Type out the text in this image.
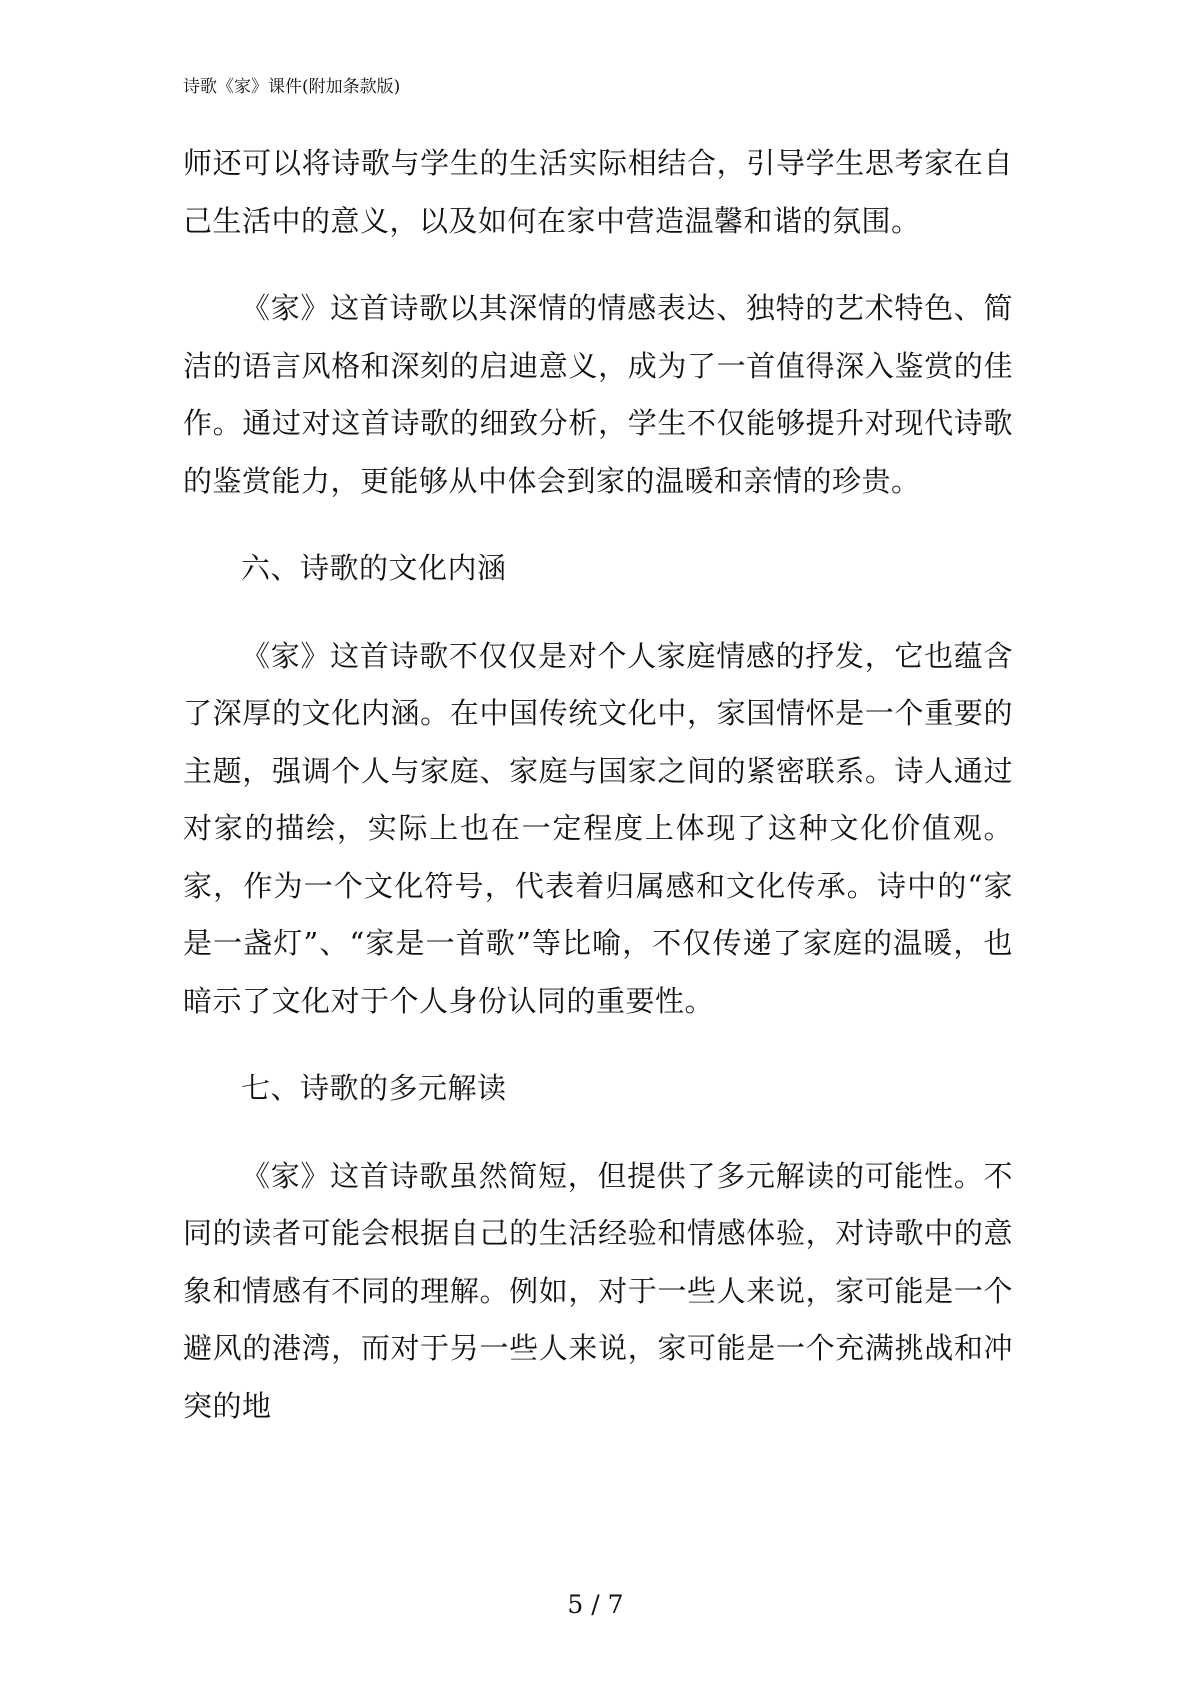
诗歌《家》课件(附加条款版)

师还可以将诗歌与学生的生活实际相结合，引导学生思考家在自己生活中的意义，以及如何在家中营造温馨和谐的氛围。

《家》这首诗歌以其深情的情感表达、独特的艺术特色、简洁的语言风格和深刻的启迪意义，成为了一首值得深入鉴赏的佳作。通过对这首诗歌的细致分析，学生不仅能够提升对现代诗歌的鉴赏能力，更能够从中体会到家的温暖和亲情的珍贵。

六、诗歌的文化内涵

《家》这首诗歌不仅仅是对个人家庭情感的抒发，它也蕴含了深厚的文化内涵。在中国传统文化中，家国情怀是一个重要的主题，强调个人与家庭、家庭与国家之间的紧密联系。诗人通过对家的描绘，实际上也在一定程度上体现了这种文化价值观。家，作为一个文化符号，代表着归属感和文化传承。诗中的“家是一盏灯”、“家是一首歌”等比喻，不仅传递了家庭的温暖，也暗示了文化对于个人身份认同的重要性。

七、诗歌的多元解读

《家》这首诗歌虽然简短，但提供了多元解读的可能性。不同的读者可能会根据自己的生活经验和情感体验，对诗歌中的意象和情感有不同的理解。例如，对于一些人来说，家可能是一个避风的港湾，而对于另一些人来说，家可能是一个充满挑战和冲突的地

5 / 7
